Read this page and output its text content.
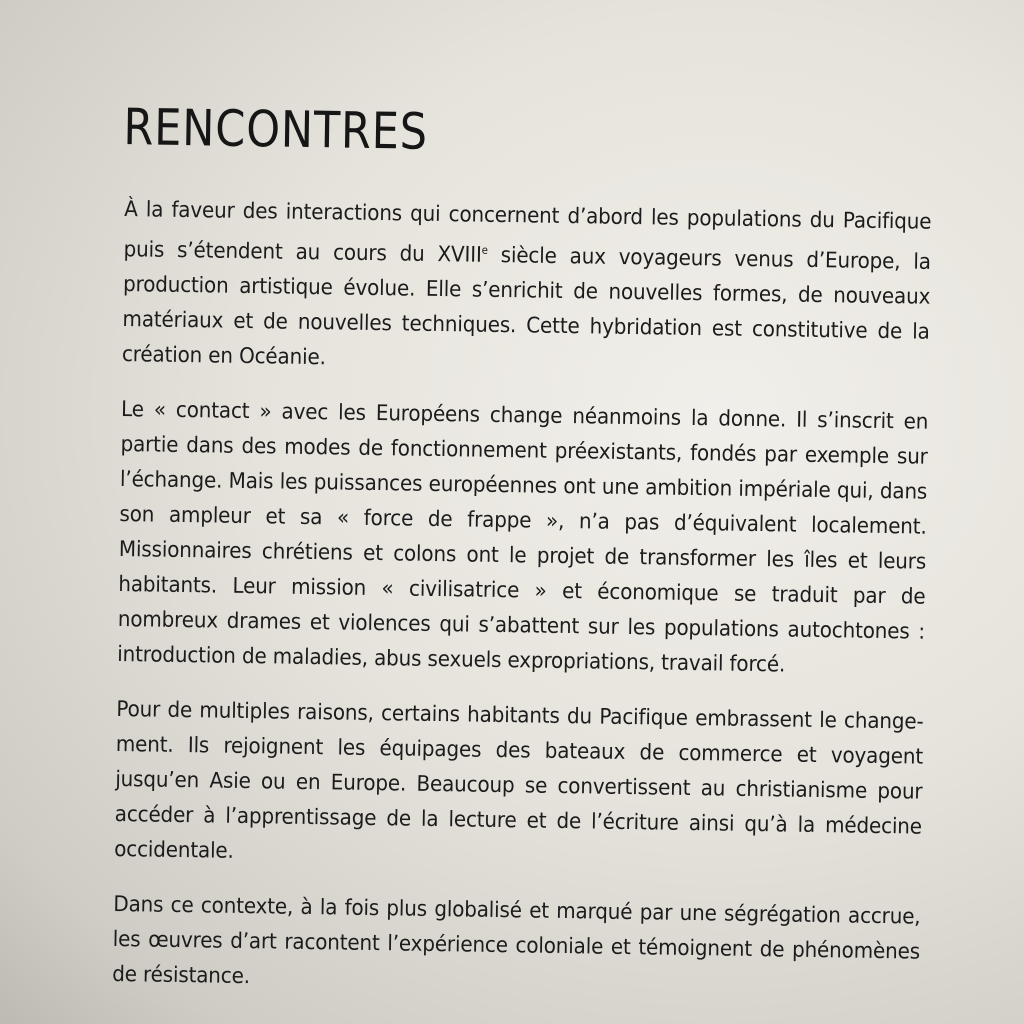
RENCONTRES

À la faveur des interactions qui concernent d’abord les populations du Pacifique puis s’étendent au cours du XVIIIe siècle aux voyageurs venus d’Europe, la production artistique évolue. Elle s’enrichit de nouvelles formes, de nouveaux matériaux et de nouvelles techniques. Cette hybridation est constitutive de la création en Océanie.

Le « contact » avec les Européens change néanmoins la donne. Il s’inscrit en partie dans des modes de fonctionnement préexistants, fondés par exemple sur l’échange. Mais les puissances européennes ont une ambition impériale qui, dans son ampleur et sa « force de frappe », n’a pas d’équivalent localement. Missionnaires chrétiens et colons ont le projet de transformer les îles et leurs habitants. Leur mission « civilisatrice » et économique se traduit par de nombreux drames et violences qui s’abattent sur les populations autochtones : introduction de maladies, abus sexuels expropriations, travail forcé.

Pour de multiples raisons, certains habitants du Pacifique embrassent le change-ment. Ils rejoignent les équipages des bateaux de commerce et voyagent jusqu’en Asie ou en Europe. Beaucoup se convertissent au christianisme pour accéder à l’apprentissage de la lecture et de l’écriture ainsi qu’à la médecine occidentale.

Dans ce contexte, à la fois plus globalisé et marqué par une ségrégation accrue, les œuvres d’art racontent l’expérience coloniale et témoignent de phénomènes de résistance.
